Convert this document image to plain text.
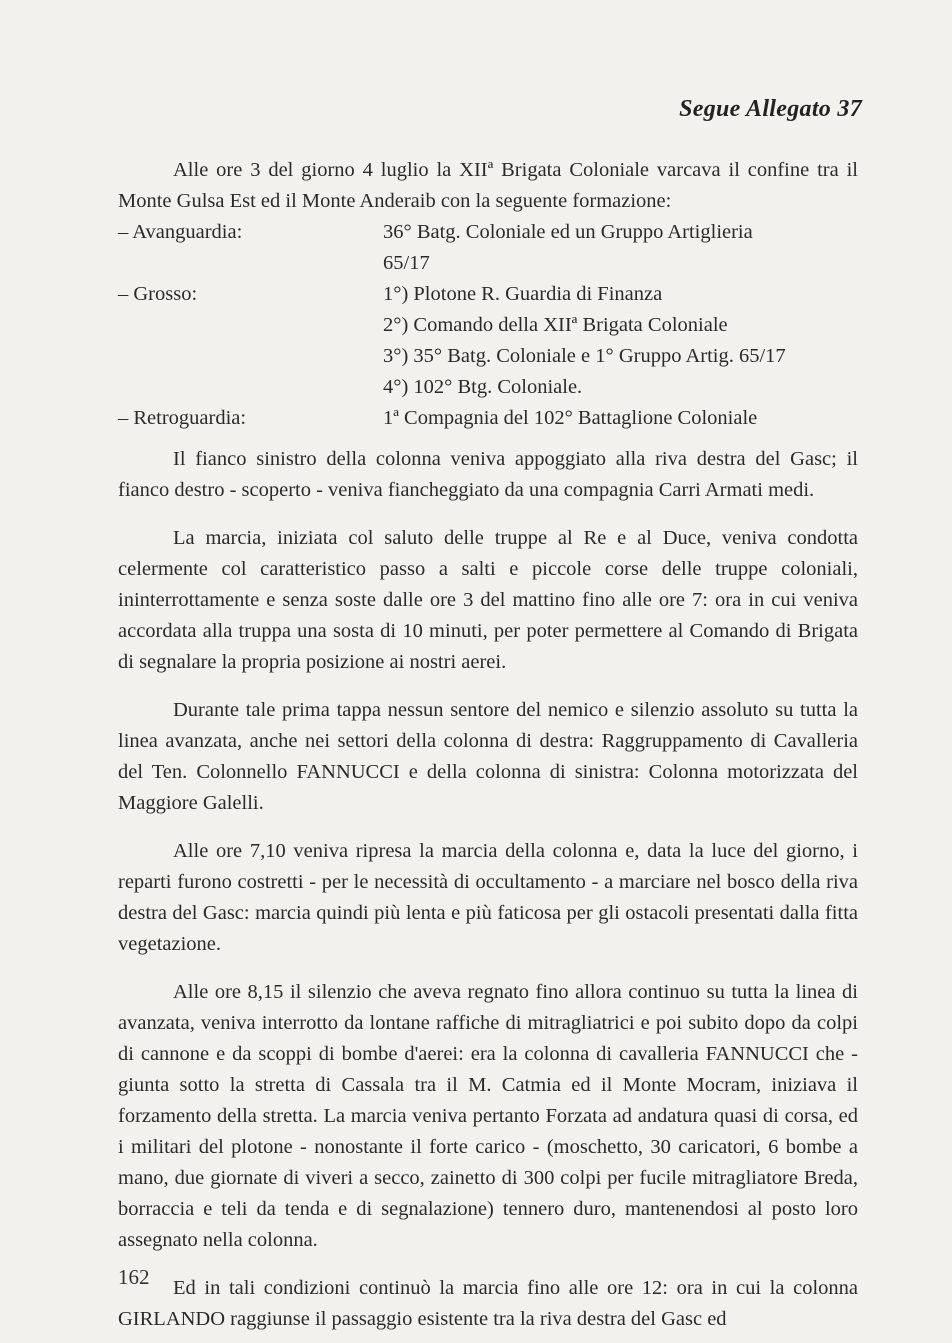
Segue Allegato 37

Alle ore 3 del giorno 4 luglio la XIIª Brigata Coloniale varcava il confine tra il Monte Gulsa Est ed il Monte Anderaib con la seguente formazione:

– Avanguardia:	36° Batg. Coloniale ed un Gruppo Artiglieria
65/17
– Grosso:	1°) Plotone R. Guardia di Finanza
2°) Comando della XIIª Brigata Coloniale
3°) 35° Batg. Coloniale e 1° Gruppo Artig. 65/17
4°) 102° Btg. Coloniale.
– Retroguardia:	1ª Compagnia del 102° Battaglione Coloniale

Il fianco sinistro della colonna veniva appoggiato alla riva destra del Gasc; il fianco destro - scoperto - veniva fiancheggiato da una compagnia Carri Armati medi.

La marcia, iniziata col saluto delle truppe al Re e al Duce, veniva condotta celermente col caratteristico passo a salti e piccole corse delle truppe coloniali, ininterrottamente e senza soste dalle ore 3 del mattino fino alle ore 7: ora in cui veniva accordata alla truppa una sosta di 10 minuti, per poter permettere al Comando di Brigata di segnalare la propria posizione ai nostri aerei.

Durante tale prima tappa nessun sentore del nemico e silenzio assoluto su tutta la linea avanzata, anche nei settori della colonna di destra: Raggruppamento di Cavalleria del Ten. Colonnello FANNUCCI e della colonna di sinistra: Colonna motorizzata del Maggiore Galelli.

Alle ore 7,10 veniva ripresa la marcia della colonna e, data la luce del giorno, i reparti furono costretti - per le necessità di occultamento - a marciare nel bosco della riva destra del Gasc: marcia quindi più lenta e più faticosa per gli ostacoli presentati dalla fitta vegetazione.

Alle ore 8,15 il silenzio che aveva regnato fino allora continuo su tutta la linea di avanzata, veniva interrotto da lontane raffiche di mitragliatrici e poi subito dopo da colpi di cannone e da scoppi di bombe d'aerei: era la colonna di cavalleria FANNUCCI che - giunta sotto la stretta di Cassala tra il M. Catmia ed il Monte Mocram, iniziava il forzamento della stretta. La marcia veniva pertanto Forzata ad andatura quasi di corsa, ed i militari del plotone - nonostante il forte carico - (moschetto, 30 caricatori, 6 bombe a mano, due giornate di viveri a secco, zainetto di 300 colpi per fucile mitragliatore Breda, borraccia e teli da tenda e di segnalazione) tennero duro, mantenendosi al posto loro assegnato nella colonna.

Ed in tali condizioni continuò la marcia fino alle ore 12: ora in cui la colonna GIRLANDO raggiunse il passaggio esistente tra la riva destra del Gasc ed

162
